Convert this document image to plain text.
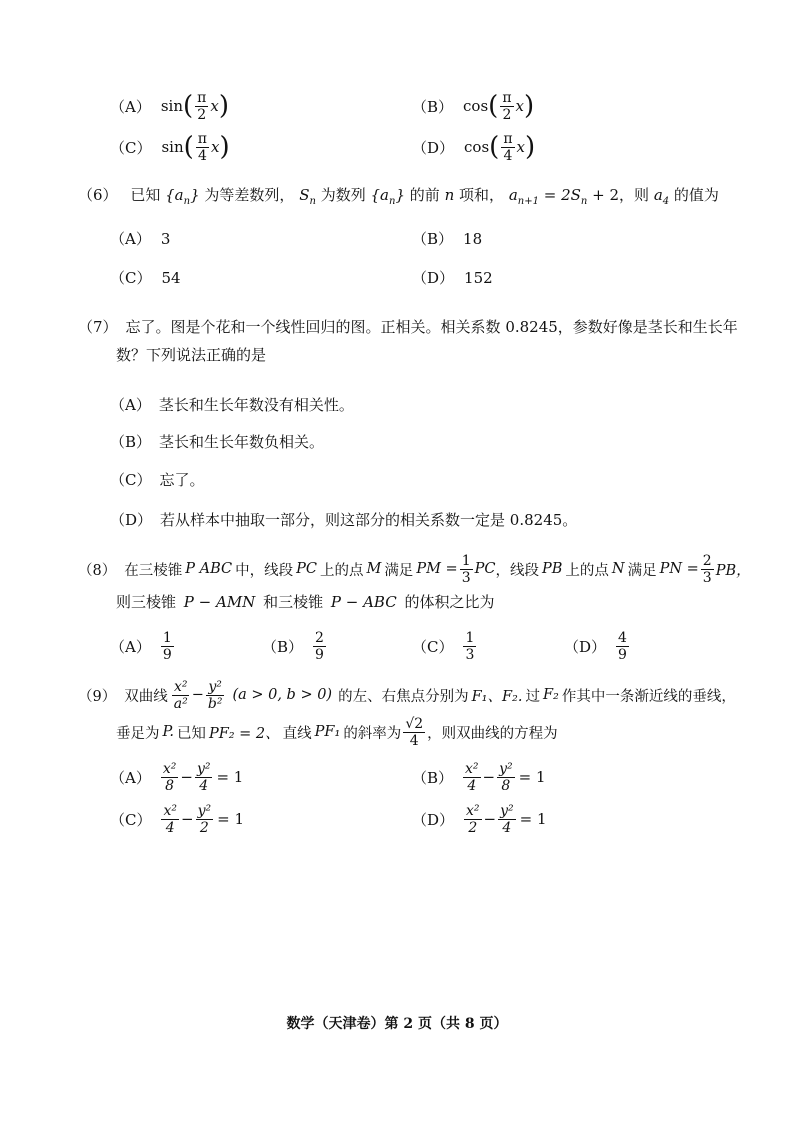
（A） sin ( $\frac{\pi}{2}$ x )	（B） cos ( $\frac{\pi}{2}$ x )
（C） sin ( $\frac{\pi}{4}$ x )	（D） cos ( $\frac{\pi}{4}$ x )
（6） 已知 $\{a_n\}$ 为等差数列， $S_n$ 为数列 $\{a_n\}$ 的前 n 项和， $a_{n+1} = 2S_n + 2$，则 $a_4$ 的值为
（A） 3	（B） 18
（C） 54	（D） 152
（7） 忘了。图是个花和一个线性回归的图。正相关。相关系数 0.8245，参数好像是茎长和生长年
数？下列说法正确的是
（A） 茎长和生长年数没有相关性。
（B） 茎长和生长年数负相关。
（C） 忘了。
（D） 若从样本中抽取一部分，则这部分的相关系数一定是 0.8245。
（8） 在三棱锥 P ABC 中，线段 PC 上的点 M 满足 PM = $\frac{1}{3}$ PC ，线段 PB 上的点 N 满足 PN = $\frac{2}{3}$ PB，
则三棱锥 P − AMN 和三棱锥 P − ABC 的体积之比为
$(A) \frac{1}{9}$	$(B) \frac{2}{9}$	$(C) \frac{1}{3}$	$(D) \frac{4}{9}$
（9） 双曲线 $\frac{\text{x²}}{\text{a²}} - \frac{\text{y²}}{\text{b²}} (a > 0$, b > 0) 的左、右焦点分别为 F₁、F₂. 过 F₂ 作其中一条渐近线的垂线，
垂足为 P. 已知 PF₂ = 2、 直线 PF₁ 的斜率为 $\frac{√2}{4}$ ，则双曲线的方程为
$(A) \frac{\text{x²}}{8} - \frac{\text{y²}}{4} = 1$	$(B) \frac{\text{x²}}{4} - \frac{\text{y²}}{8} = 1$
$(C) \frac{\text{x²}}{4} - \frac{\text{y²}}{2} = 1$	$(D) \frac{\text{x²}}{2} - \frac{\text{y²}}{4} = 1$
数学（天津卷）第 2 页（共 8 页）
